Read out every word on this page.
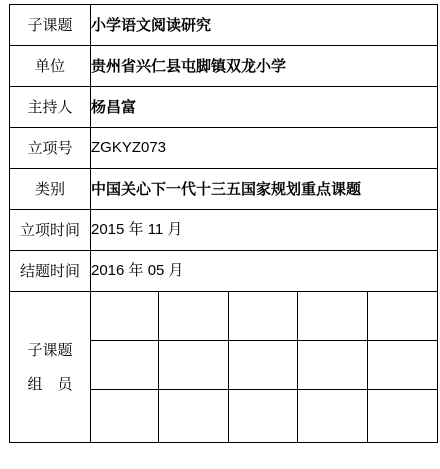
子课题	小学语文阅读研究				
单位	贵州省兴仁县屯脚镇双龙小学				
主持人	杨昌富				
立项号	ZGKYZ073				
类别	中国关心下一代十三五国家规划重点课题				
立项时间	2015 年 11 月				
结题时间	2016 年 05 月				

子课题
组　员					
